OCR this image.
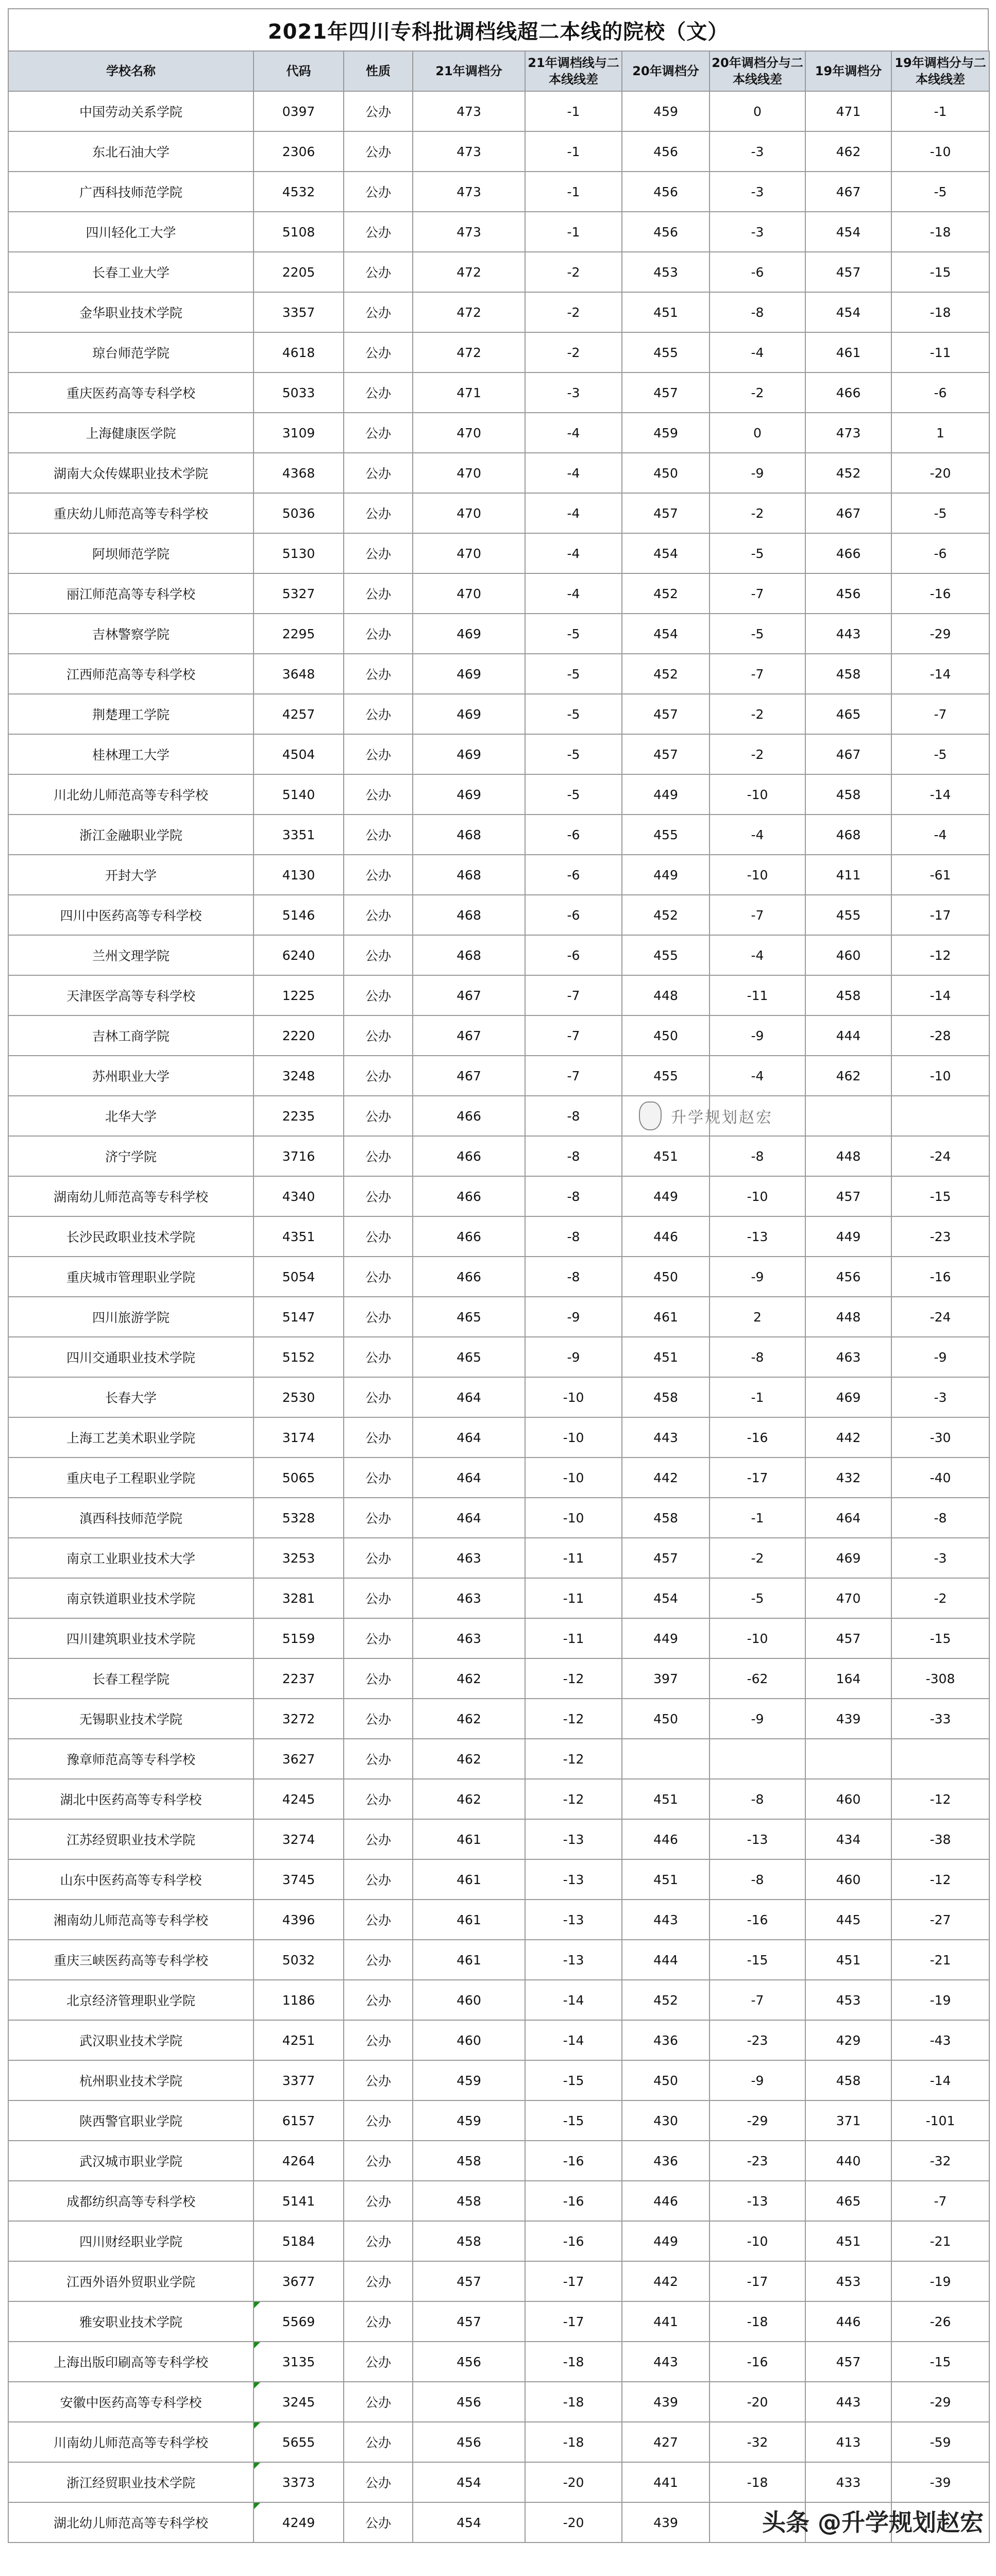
2021年四川专科批调档线超二本线的院校（文）
学校名称	代码	性质	21年调档分	21年调档线与二本线线差	20年调档分	20年调档分与二本线线差	19年调档分	19年调档分与二本线线差
中国劳动关系学院	0397	公办	473	-1	459	0	471	-1
东北石油大学	2306	公办	473	-1	456	-3	462	-10
广西科技师范学院	4532	公办	473	-1	456	-3	467	-5
四川轻化工大学	5108	公办	473	-1	456	-3	454	-18
长春工业大学	2205	公办	472	-2	453	-6	457	-15
金华职业技术学院	3357	公办	472	-2	451	-8	454	-18
琼台师范学院	4618	公办	472	-2	455	-4	461	-11
重庆医药高等专科学校	5033	公办	471	-3	457	-2	466	-6
上海健康医学院	3109	公办	470	-4	459	0	473	1
湖南大众传媒职业技术学院	4368	公办	470	-4	450	-9	452	-20
重庆幼儿师范高等专科学校	5036	公办	470	-4	457	-2	467	-5
阿坝师范学院	5130	公办	470	-4	454	-5	466	-6
丽江师范高等专科学校	5327	公办	470	-4	452	-7	456	-16
吉林警察学院	2295	公办	469	-5	454	-5	443	-29
江西师范高等专科学校	3648	公办	469	-5	452	-7	458	-14
荆楚理工学院	4257	公办	469	-5	457	-2	465	-7
桂林理工大学	4504	公办	469	-5	457	-2	467	-5
川北幼儿师范高等专科学校	5140	公办	469	-5	449	-10	458	-14
浙江金融职业学院	3351	公办	468	-6	455	-4	468	-4
开封大学	4130	公办	468	-6	449	-10	411	-61
四川中医药高等专科学校	5146	公办	468	-6	452	-7	455	-17
兰州文理学院	6240	公办	468	-6	455	-4	460	-12
天津医学高等专科学校	1225	公办	467	-7	448	-11	458	-14
吉林工商学院	2220	公办	467	-7	450	-9	444	-28
苏州职业大学	3248	公办	467	-7	455	-4	462	-10
北华大学	2235	公办	466	-8				
济宁学院	3716	公办	466	-8	451	-8	448	-24
湖南幼儿师范高等专科学校	4340	公办	466	-8	449	-10	457	-15
长沙民政职业技术学院	4351	公办	466	-8	446	-13	449	-23
重庆城市管理职业学院	5054	公办	466	-8	450	-9	456	-16
四川旅游学院	5147	公办	465	-9	461	2	448	-24
四川交通职业技术学院	5152	公办	465	-9	451	-8	463	-9
长春大学	2530	公办	464	-10	458	-1	469	-3
上海工艺美术职业学院	3174	公办	464	-10	443	-16	442	-30
重庆电子工程职业学院	5065	公办	464	-10	442	-17	432	-40
滇西科技师范学院	5328	公办	464	-10	458	-1	464	-8
南京工业职业技术大学	3253	公办	463	-11	457	-2	469	-3
南京铁道职业技术学院	3281	公办	463	-11	454	-5	470	-2
四川建筑职业技术学院	5159	公办	463	-11	449	-10	457	-15
长春工程学院	2237	公办	462	-12	397	-62	164	-308
无锡职业技术学院	3272	公办	462	-12	450	-9	439	-33
豫章师范高等专科学校	3627	公办	462	-12				
湖北中医药高等专科学校	4245	公办	462	-12	451	-8	460	-12
江苏经贸职业技术学院	3274	公办	461	-13	446	-13	434	-38
山东中医药高等专科学校	3745	公办	461	-13	451	-8	460	-12
湘南幼儿师范高等专科学校	4396	公办	461	-13	443	-16	445	-27
重庆三峡医药高等专科学校	5032	公办	461	-13	444	-15	451	-21
北京经济管理职业学院	1186	公办	460	-14	452	-7	453	-19
武汉职业技术学院	4251	公办	460	-14	436	-23	429	-43
杭州职业技术学院	3377	公办	459	-15	450	-9	458	-14
陕西警官职业学院	6157	公办	459	-15	430	-29	371	-101
武汉城市职业学院	4264	公办	458	-16	436	-23	440	-32
成都纺织高等专科学校	5141	公办	458	-16	446	-13	465	-7
四川财经职业学院	5184	公办	458	-16	449	-10	451	-21
江西外语外贸职业学院	3677	公办	457	-17	442	-17	453	-19
雅安职业技术学院	5569	公办	457	-17	441	-18	446	-26
上海出版印刷高等专科学校	3135	公办	456	-18	443	-16	457	-15
安徽中医药高等专科学校	3245	公办	456	-18	439	-20	443	-29
川南幼儿师范高等专科学校	5655	公办	456	-18	427	-32	413	-59
浙江经贸职业技术学院	3373	公办	454	-20	441	-18	433	-39
湖北幼儿师范高等专科学校	4249	公办	454	-20	439			
升学规划赵宏
头条 @升学规划赵宏
